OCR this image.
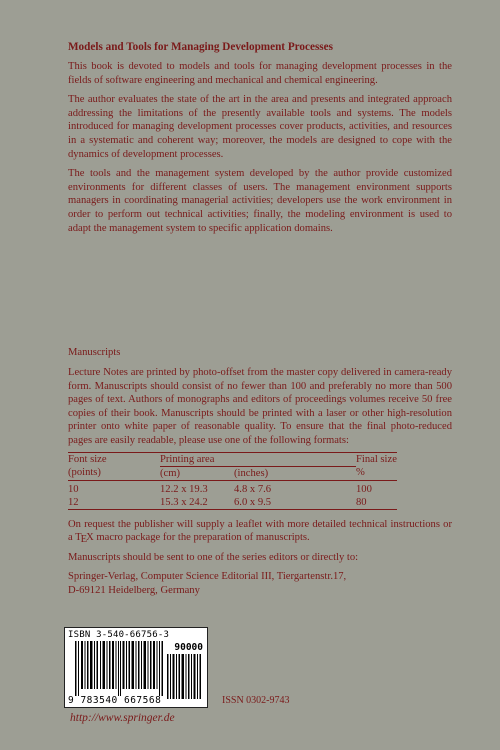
Models and Tools for Managing Development Processes

This book is devoted to models and tools for managing development processes in the fields of software engineering and mechanical and chemical engineering.

The author evaluates the state of the art in the area and presents and integrated approach addressing the limitations of the presently available tools and systems. The models introduced for managing development processes cover products, activities, and resources in a systematic and coherent way; moreover, the models are designed to cope with the dynamics of development processes.

The tools and the management system developed by the author provide customized environments for different classes of users. The management environment supports managers in coordinating managerial activities; developers use the work environment in order to perform out technical activities; finally, the modeling environment is used to adapt the management system to specific application domains.

Manuscripts

Lecture Notes are printed by photo-offset from the master copy delivered in camera-ready form. Manuscripts should consist of no fewer than 100 and preferably no more than 500 pages of text. Authors of monographs and editors of proceedings volumes receive 50 free copies of their book. Manuscripts should be printed with a laser or other high-resolution printer onto white paper of reasonable quality. To ensure that the final photo-reduced pages are easily readable, please use one of the following formats:

Font size	Printing area		Final size
(points)	(cm)	(inches)	%
10	12.2 x 19.3	4.8 x 7.6	100
12	15.3 x 24.2	6.0 x 9.5	80

On request the publisher will supply a leaflet with more detailed technical instructions or a TEX macro package for the preparation of manuscripts.

Manuscripts should be sent to one of the series editors or directly to:

Springer-Verlag, Computer Science Editorial III, Tiergartenstr.17,

D-69121 Heidelberg, Germany

ISBN 3-540-66756-3
90000
9 783540 667568	ISSN 0302-9743
http://www.springer.de
